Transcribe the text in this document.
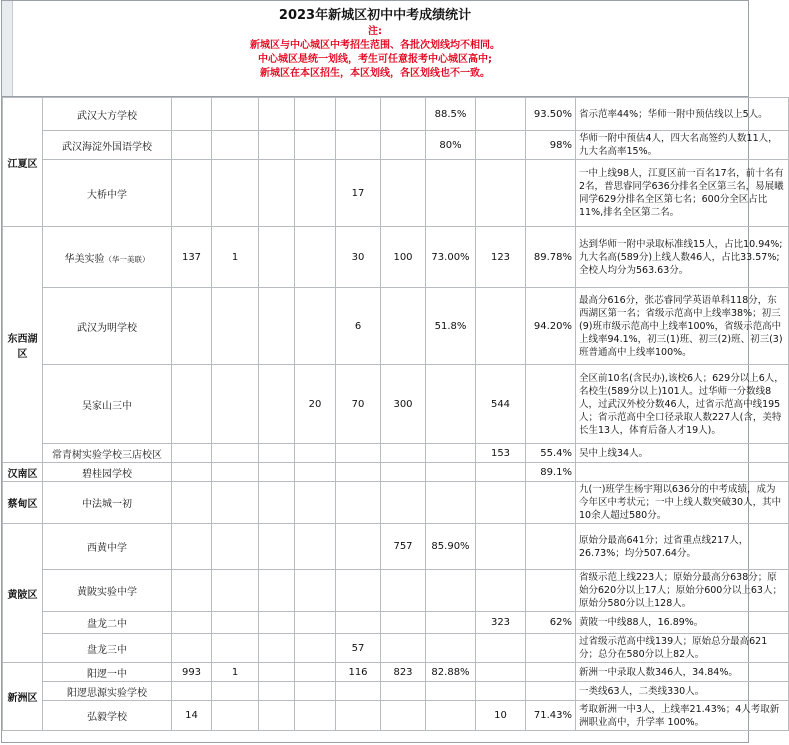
2023年新城区初中中考成绩统计
注:
新城区与中心城区中考招生范围、各批次划线均不相同。
中心城区是统一划线，考生可任意报考中心城区高中;
新城区在本区招生，本区划线，各区划线也不一致。
江夏区	武汉大方学校							88.5%		93.50%	省示范率44%；华师一附中预估线以上5人。
	武汉海淀外国语学校							80%		98%	华师一附中预估4人，四大名高签约人数11人，九大名高率15%。
	大桥中学					17					一中上线98人，江夏区前一百名17名，前十名有2名，普思睿同学636分排名全区第三名，易展曦同学629分排名全区第七名；600分全区占比11%,排名全区第二名。
东西湖区	华美实验（华一美联）	137	1			30	100	73.00%	123	89.78%	达到华师一附中录取标准线15人，占比10.94%;九大名高(589分)上线人数46人，占比33.57%;全校人均分为563.63分。
	武汉为明学校					6		51.8%		94.20%	最高分616分，张芯睿同学英语单科118分，东西湖区第一名；省级示范高中上线率38%；初三(9)班市级示范高中上线率100%，省级示范高中上线率94.1%，初三(1)班、初三(2)班、初三(3)班普通高中上线率100%。
	吴家山三中				20	70	300		544		全区前10名(含民办),该校6人；629分以上6人，名校生(589分以上)101人。过华师一分数线8人，过武汉外校分数46人，过省示范高中线195人；省示范高中全口径录取人数227人(含，美特长生13人，体育后备人才19人)。
	常青树实验学校三店校区								153	55.4%	吴中上线34人。
汉南区	碧桂园学校									89.1%	
蔡甸区	中法城一初										九(一)班学生杨宇翔以636分的中考成绩，成为今年区中考状元；一中上线人数突破30人，其中10余人超过580分。
黄陂区	西黄中学						757	85.90%			原始分最高641分；过省重点线217人，26.73%；均分507.64分。
	黄陂实验中学										省级示范上线223人；原始分最高分638分；原始分620分以上17人；原始分600分以上63人；原始分580分以上128人。
	盘龙二中								323	62%	黄陂一中线88人，16.89%。
	盘龙三中					57					过省级示范高中线139人；原始总分最高621分；总分在580分以上82人。
新洲区	阳逻一中	993	1			116	823	82.88%			新洲一中录取人数346人，34.84%。
	阳逻思源实验学校										一类线63人，二类线330人。
	弘毅学校	14							10	71.43%	考取新洲一中3人，上线率21.43%；4人考取新洲职业高中，升学率 100%。
